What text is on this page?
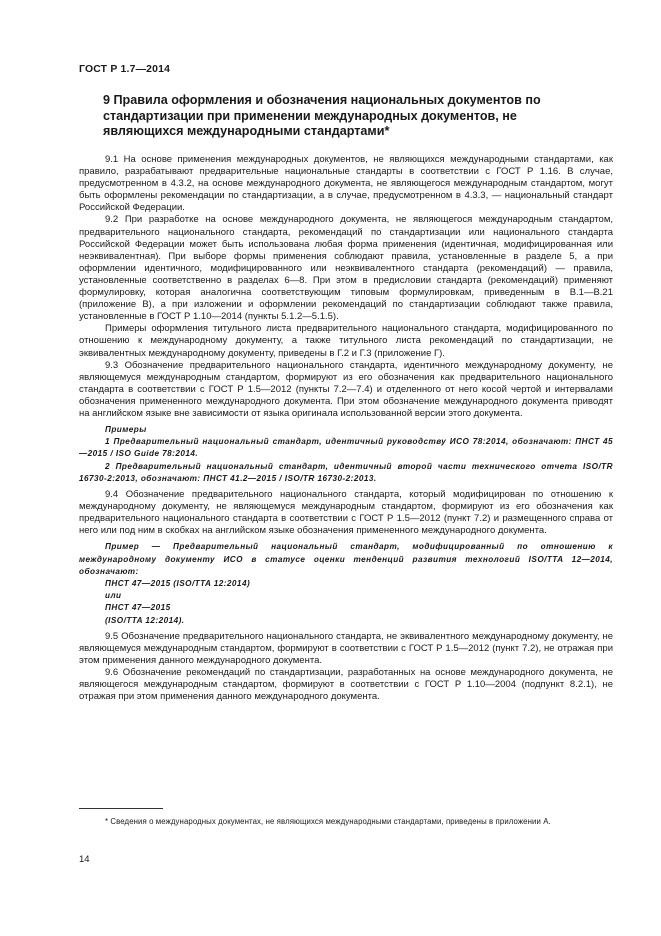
ГОСТ Р 1.7—2014
9 Правила оформления и обозначения национальных документов по стандартизации при применении международных документов, не являющихся международными стандартами*

9.1 На основе применения международных документов, не являющихся международными стандартами, как правило, разрабатывают предварительные национальные стандарты в соответствии с ГОСТ Р 1.16. В случае, предусмотренном в 4.3.2, на основе международного документа, не являющегося международным стандартом, могут быть оформлены рекомендации по стандартизации, а в случае, предусмотренном в 4.3.3, — национальный стандарт Российской Федерации.

9.2 При разработке на основе международного документа, не являющегося международным стандартом, предварительного национального стандарта, рекомендаций по стандартизации или национального стандарта Российской Федерации может быть использована любая форма применения (идентичная, модифицированная или неэквивалентная). При выборе формы применения соблюдают правила, установленные в разделе 5, а при оформлении идентичного, модифицированного или неэквивалентного стандарта (рекомендаций) — правила, установленные соответственно в разделах 6—8. При этом в предисловии стандарта (рекомендаций) применяют формулировку, которая аналогична соответствующим типовым формулировкам, приведенным в В.1—В.21 (приложение В), а при изложении и оформлении рекомендаций по стандартизации соблюдают также правила, установленные в ГОСТ Р 1.10—2014 (пункты 5.1.2—5.1.5).

Примеры оформления титульного листа предварительного национального стандарта, модифицированного по отношению к международному документу, а также титульного листа рекомендаций по стандартизации, не эквивалентных международному документу, приведены в Г.2 и Г.3 (приложение Г).

9.3 Обозначение предварительного национального стандарта, идентичного международному документу, не являющемуся международным стандартом, формируют из его обозначения как предварительного национального стандарта в соответствии с ГОСТ Р 1.5—2012 (пункты 7.2—7.4) и отделенного от него косой чертой и интервалами обозначения примененного международного документа. При этом обозначение международного документа приводят на английском языке вне зависимости от языка оригинала использованной версии этого документа.

Примеры

1 Предварительный национальный стандарт, идентичный руководству ИСО 78:2014, обозначают: ПНСТ 45—2015 / ISO Guide 78:2014.

2 Предварительный национальный стандарт, идентичный второй части технического отчета ISO/TR 16730-2:2013, обозначают: ПНСТ 41.2—2015 / ISO/TR 16730-2:2013.

9.4 Обозначение предварительного национального стандарта, который модифицирован по отношению к международному документу, не являющемуся международным стандартом, формируют из его обозначения как предварительного национального стандарта в соответствии с ГОСТ Р 1.5—2012 (пункт 7.2) и размещенного справа от него или под ним в скобках на английском языке обозначения примененного международного документа.

Пример — Предварительный национальный стандарт, модифицированный по отношению к международному документу ИСО в статусе оценки тенденций развития технологий ISO/TTA 12—2014, обозначают:

ПНСТ 47—2015 (ISO/TTA 12:2014)

или

ПНСТ 47—2015

(ISO/TTA 12:2014).

9.5 Обозначение предварительного национального стандарта, не эквивалентного международному документу, не являющемуся международным стандартом, формируют в соответствии с ГОСТ Р 1.5—2012 (пункт 7.2), не отражая при этом применения данного международного документа.

9.6 Обозначение рекомендаций по стандартизации, разработанных на основе международного документа, не являющегося международным стандартом, формируют в соответствии с ГОСТ Р 1.10—2004 (подпункт 8.2.1), не отражая при этом применения данного международного документа.

* Сведения о международных документах, не являющихся международными стандартами, приведены в приложении А.
14
